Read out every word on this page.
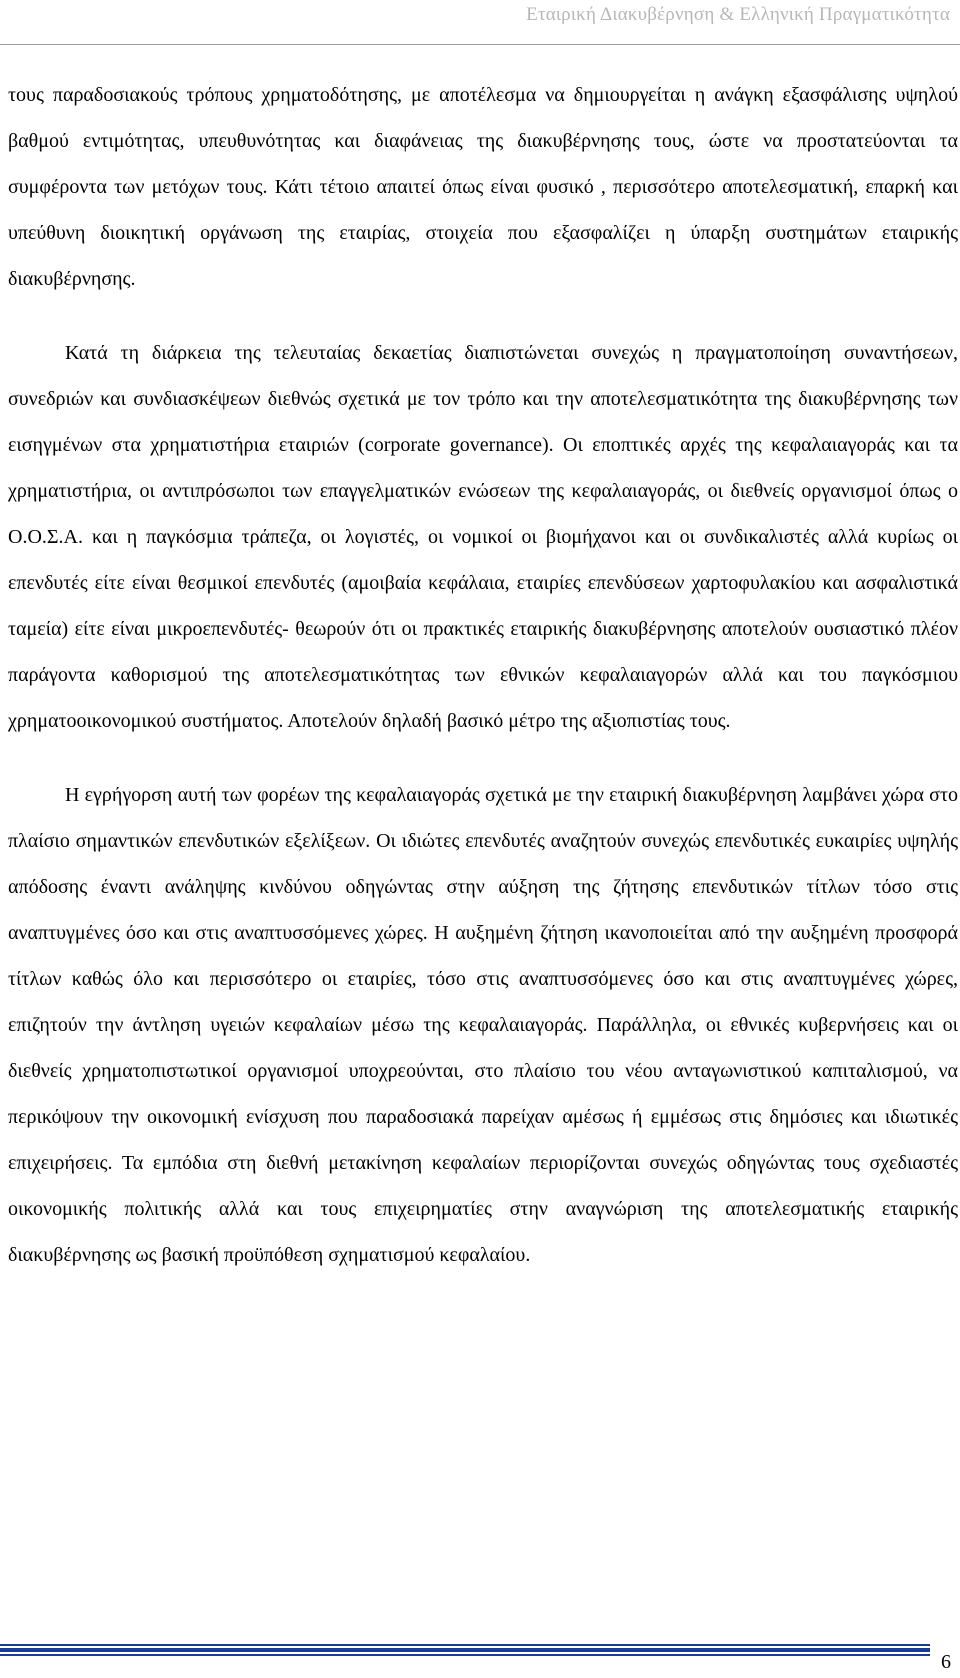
Εταιρική Διακυβέρνηση & Ελληνική Πραγματικότητα

τους παραδοσιακούς τρόπους χρηματοδότησης, με αποτέλεσμα να δημιουργείται η ανάγκη εξασφάλισης υψηλού βαθμού εντιμότητας, υπευθυνότητας και διαφάνειας της διακυβέρνησης τους, ώστε να προστατεύονται τα συμφέροντα των μετόχων τους. Κάτι τέτοιο απαιτεί όπως είναι φυσικό , περισσότερο αποτελεσματική, επαρκή και υπεύθυνη διοικητική οργάνωση της εταιρίας, στοιχεία που εξασφαλίζει η ύπαρξη συστημάτων εταιρικής διακυβέρνησης.

Κατά τη διάρκεια της τελευταίας δεκαετίας διαπιστώνεται συνεχώς η πραγματοποίηση συναντήσεων, συνεδριών και συνδιασκέψεων διεθνώς σχετικά με τον τρόπο και την αποτελεσματικότητα της διακυβέρνησης των εισηγμένων στα χρηματιστήρια εταιριών (corporate governance). Οι εποπτικές αρχές της κεφαλαιαγοράς και τα χρηματιστήρια, οι αντιπρόσωποι των επαγγελματικών ενώσεων της κεφαλαιαγοράς, οι διεθνείς οργανισμοί όπως ο Ο.Ο.Σ.Α. και η παγκόσμια τράπεζα, οι λογιστές, οι νομικοί οι βιομήχανοι και οι συνδικαλιστές αλλά κυρίως οι επενδυτές είτε είναι θεσμικοί επενδυτές (αμοιβαία κεφάλαια, εταιρίες επενδύσεων χαρτοφυλακίου και ασφαλιστικά ταμεία) είτε είναι μικροεπενδυτές- θεωρούν ότι οι πρακτικές εταιρικής διακυβέρνησης αποτελούν ουσιαστικό πλέον παράγοντα καθορισμού της αποτελεσματικότητας των εθνικών κεφαλαιαγορών αλλά και του παγκόσμιου χρηματοοικονομικού συστήματος. Αποτελούν δηλαδή βασικό μέτρο της αξιοπιστίας τους.

Η εγρήγορση αυτή των φορέων της κεφαλαιαγοράς σχετικά με την εταιρική διακυβέρνηση λαμβάνει χώρα στο πλαίσιο σημαντικών επενδυτικών εξελίξεων. Οι ιδιώτες επενδυτές αναζητούν συνεχώς επενδυτικές ευκαιρίες υψηλής απόδοσης έναντι ανάληψης κινδύνου οδηγώντας στην αύξηση της ζήτησης επενδυτικών τίτλων τόσο στις αναπτυγμένες όσο και στις αναπτυσσόμενες χώρες. Η αυξημένη ζήτηση ικανοποιείται από την αυξημένη προσφορά τίτλων καθώς όλο και περισσότερο οι εταιρίες, τόσο στις αναπτυσσόμενες όσο και στις αναπτυγμένες χώρες, επιζητούν την άντληση υγειών κεφαλαίων μέσω της κεφαλαιαγοράς. Παράλληλα, οι εθνικές κυβερνήσεις και οι διεθνείς χρηματοπιστωτικοί οργανισμοί υποχρεούνται, στο πλαίσιο του νέου ανταγωνιστικού καπιταλισμού, να περικόψουν την οικονομική ενίσχυση που παραδοσιακά παρείχαν αμέσως ή εμμέσως στις δημόσιες και ιδιωτικές επιχειρήσεις. Τα εμπόδια στη διεθνή μετακίνηση κεφαλαίων περιορίζονται συνεχώς οδηγώντας τους σχεδιαστές οικονομικής πολιτικής αλλά και τους επιχειρηματίες στην αναγνώριση της αποτελεσματικής εταιρικής διακυβέρνησης ως βασική προϋπόθεση σχηματισμού κεφαλαίου.

6
